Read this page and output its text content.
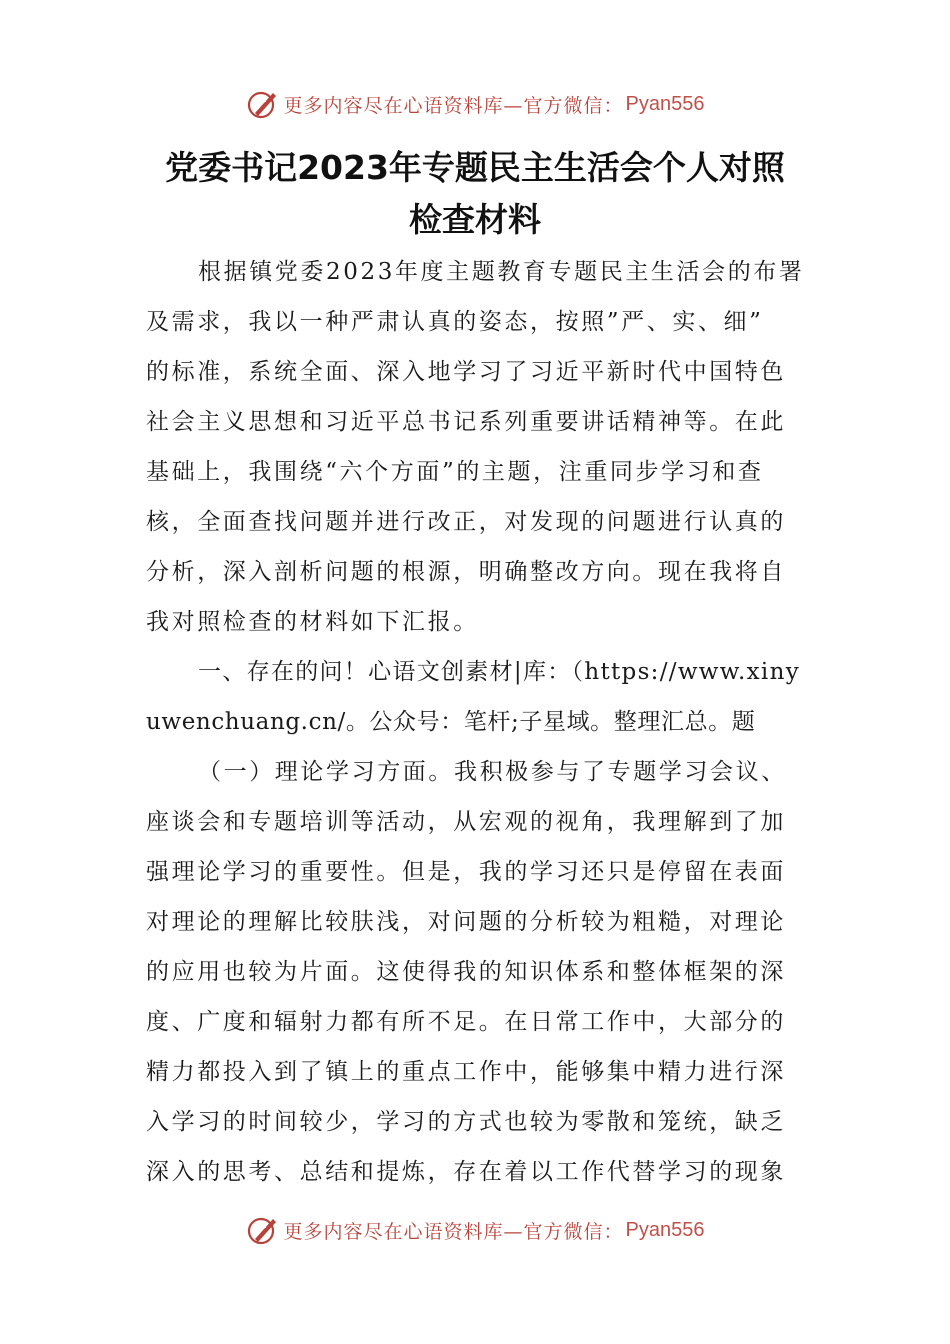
更多内容尽在心语资料库—官方微信： Pyan556
党委书记2023年专题民主生活会个人对照
检查材料
根据镇党委2023年度主题教育专题民主生活会的布署
及需求，我以一种严肃认真的姿态，按照”严、实、细”
的标准，系统全面、深入地学习了习近平新时代中国特色
社会主义思想和习近平总书记系列重要讲话精神等。在此
基础上，我围绕“六个方面”的主题，注重同步学习和查
核，全面查找问题并进行改正，对发现的问题进行认真的
分析，深入剖析问题的根源，明确整改方向。现在我将自
我对照检查的材料如下汇报。
一、存在的问！心语文创素材|库：（https://www.xiny
uwenchuang.cn/。公众号：笔杆;子星域。整理汇总。题
（一）理论学习方面。我积极参与了专题学习会议、
座谈会和专题培训等活动，从宏观的视角，我理解到了加
强理论学习的重要性。但是，我的学习还只是停留在表面
对理论的理解比较肤浅，对问题的分析较为粗糙，对理论
的应用也较为片面。这使得我的知识体系和整体框架的深
度、广度和辐射力都有所不足。在日常工作中，大部分的
精力都投入到了镇上的重点工作中，能够集中精力进行深
入学习的时间较少，学习的方式也较为零散和笼统，缺乏
深入的思考、总结和提炼，存在着以工作代替学习的现象
更多内容尽在心语资料库—官方微信： Pyan556
